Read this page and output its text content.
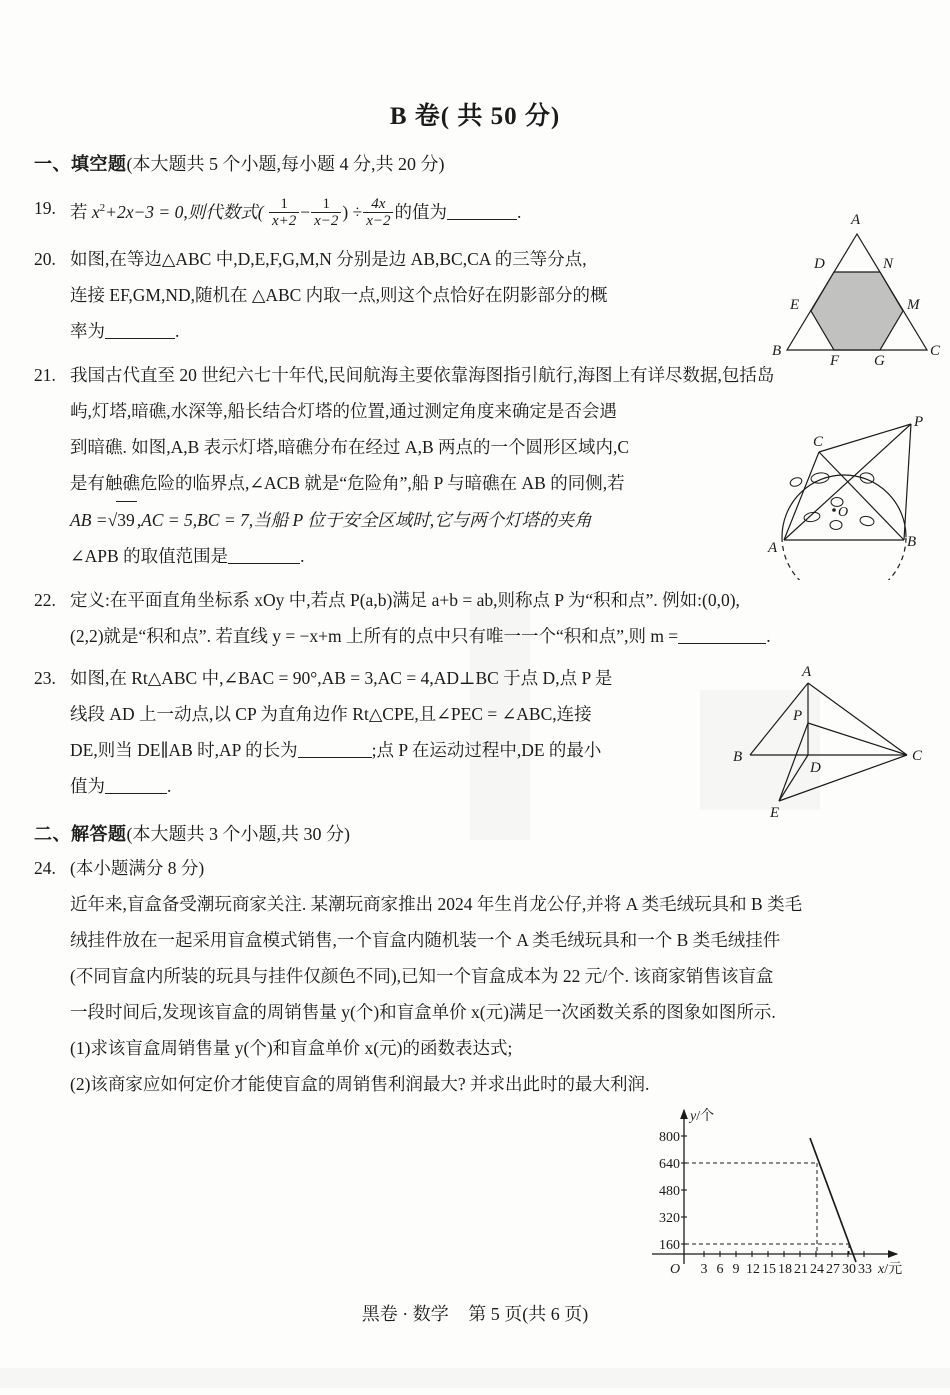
B 卷( 共 50 分)
一、填空题(本大题共 5 个小题,每小题 4 分,共 20 分)
19. 若 $x^2+2x-3 = 0$,则代数式( $\frac{1}{x+2} - \frac{1}{x-2}$ ) ÷ $\frac{4x}{x-2}$ 的值为	.
20. 如图,在等边△ABC 中,D,E,F,G,M,N 分别是边 AB,BC,CA 的三等分点,
连接 EF,GM,ND,随机在 △ABC 内取一点,则这个点恰好在阴影部分的概
率为	.
A
D	N
E	M
B
F G
C
21. 我国古代直至 20 世纪六七十年代,民间航海主要依靠海图指引航行,海图上有详尽数据,包括岛
屿,灯塔,暗礁,水深等,船长结合灯塔的位置,通过测定角度来确定是否会遇
到暗礁. 如图,A,B 表示灯塔,暗礁分布在经过 A,B 两点的一个圆形区域内,C
是有触礁危险的临界点,∠ACB 就是“危险角”,船 P 与暗礁在 AB 的同侧,若
AB =√39 ,AC = 5,BC = 7,当船 P 位于安全区域时,它与两个灯塔的夹角
∠APB 的取值范围是	.
P
C
O
A	B
22. 定义:在平面直角坐标系 xOy 中,若点 P(a,b)满足 a+b = ab,则称点 P 为“积和点”. 例如:(0,0),
(2,2)就是“积和点”. 若直线 y = −x+m 上所有的点中只有唯一一个“积和点”,则 m =	.
23. 如图,在 Rt△ABC 中,∠BAC = 90°,AB = 3,AC = 4,AD⊥BC 于点 D,点 P 是
线段 AD 上一动点,以 CP 为直角边作 Rt△CPE,且∠PEC = ∠ABC,连接
DE,则当 DE∥AB 时,AP 的长为	;点 P 在运动过程中,DE 的最小
值为	.
A
P
B
D
C
E
二、解答题(本大题共 3 个小题,共 30 分)
24. (本小题满分 8 分)
近年来,盲盒备受潮玩商家关注. 某潮玩商家推出 2024 年生肖龙公仔,并将 A 类毛绒玩具和 B 类毛
绒挂件放在一起采用盲盒模式销售,一个盲盒内随机装一个 A 类毛绒玩具和一个 B 类毛绒挂件
(不同盲盒内所装的玩具与挂件仅颜色不同),已知一个盲盒成本为 22 元/个. 该商家销售该盲盒
一段时间后,发现该盲盒的周销售量 y(个)和盲盒单价 x(元)满足一次函数关系的图象如图所示.
(1)求该盲盒周销售量 y(个)和盲盒单价 x(元)的函数表达式;
(2)该商家应如何定价才能使盲盒的周销售利润最大? 并求出此时的最大利润.
800
640
480
320
160
3 6 9 12 15 18 21 24 27 30 33
O
y/个
x/元
黑卷 · 数学 第 5 页(共 6 页)
